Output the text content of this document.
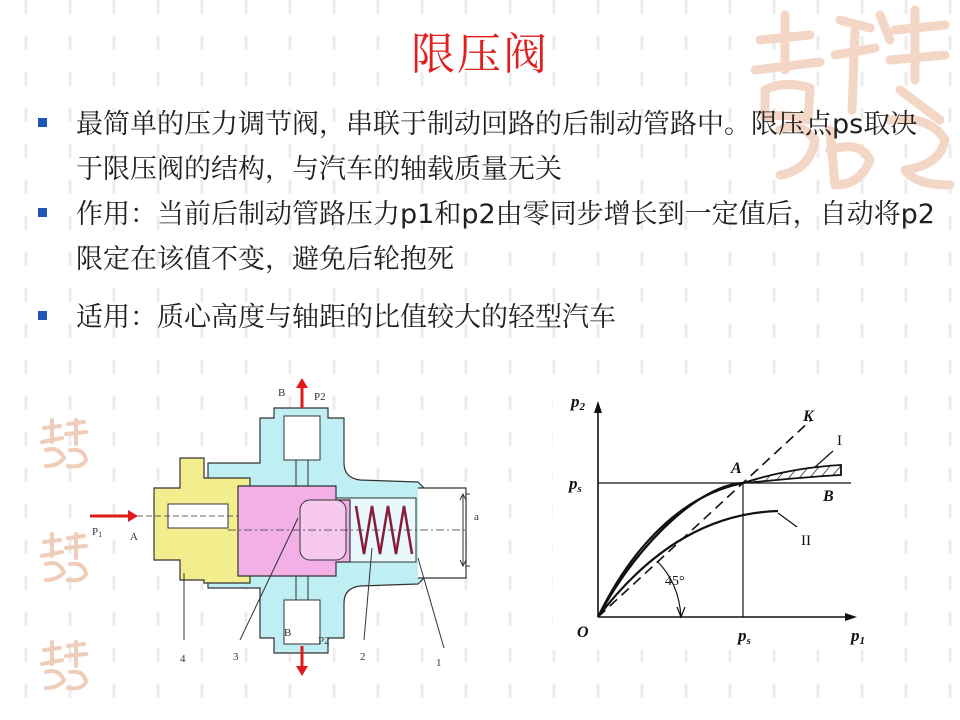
限压阀

最简单的压力调节阀，串联于制动回路的后制动管路中。限压点ps取决于限压阀的结构，与汽车的轴载质量无关

作用：当前后制动管路压力p1和p2由零同步增长到一定值后，自动将p2限定在该值不变，避免后轮抱死

适用：质心高度与轴距的比值较大的轻型汽车

B	P2
B
P2
P1	A
a
4	3	2	1
p2
p1
O
ps
ps
A
B
K
I
II
45°
